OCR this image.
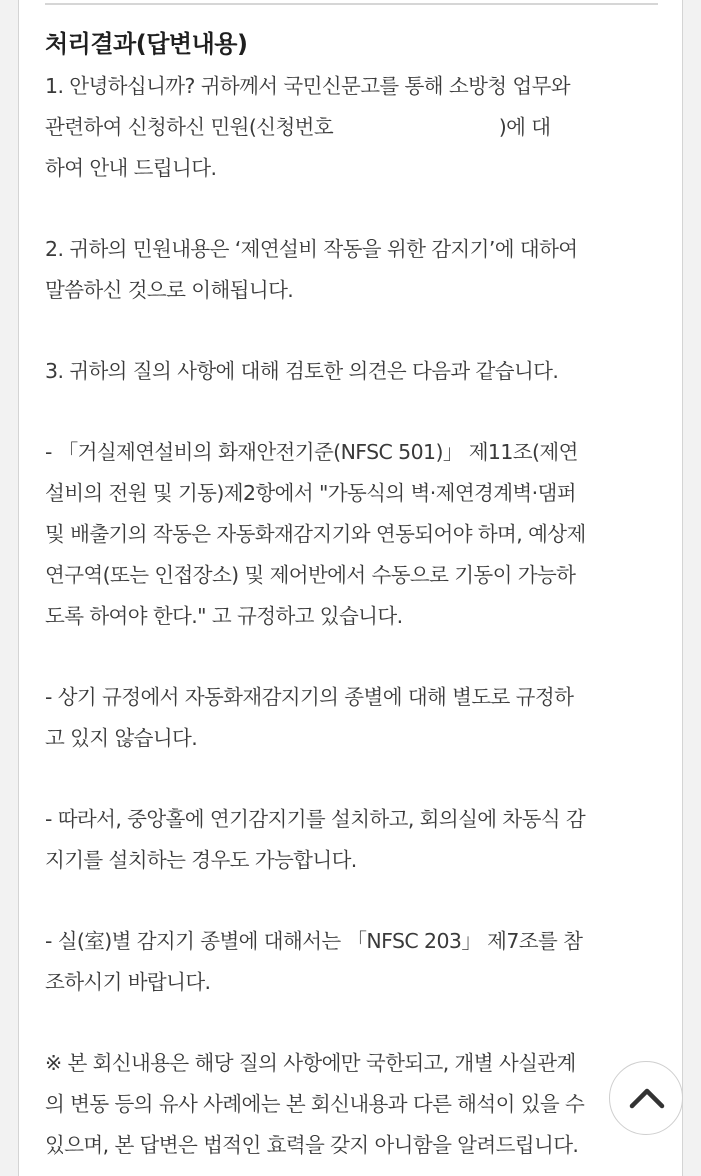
처리결과(답변내용)

1. 안녕하십니까? 귀하께서 국민신문고를 통해 소방청 업무와
관련하여 신청하신 민원(신청번호                            )에 대
하여 안내 드립니다.

2. 귀하의 민원내용은 ‘제연설비 작동을 위한 감지기’에 대하여
말씀하신 것으로 이해됩니다.

3. 귀하의 질의 사항에 대해 검토한 의견은 다음과 같습니다.

- 「거실제연설비의 화재안전기준(NFSC 501)」 제11조(제연
설비의 전원 및 기동)제2항에서 "가동식의 벽·제연경계벽·댐퍼
및 배출기의 작동은 자동화재감지기와 연동되어야 하며, 예상제
연구역(또는 인접장소) 및 제어반에서 수동으로 기동이 가능하
도록 하여야 한다." 고 규정하고 있습니다.

- 상기 규정에서 자동화재감지기의 종별에 대해 별도로 규정하
고 있지 않습니다.

- 따라서, 중앙홀에 연기감지기를 설치하고, 회의실에 차동식 감
지기를 설치하는 경우도 가능합니다.

- 실(室)별 감지기 종별에 대해서는 「NFSC 203」 제7조를 참
조하시기 바랍니다.

※ 본 회신내용은 해당 질의 사항에만 국한되고, 개별 사실관계
의 변동 등의 유사 사례에는 본 회신내용과 다른 해석이 있을 수
있으며, 본 답변은 법적인 효력을 갖지 아니함을 알려드립니다.
